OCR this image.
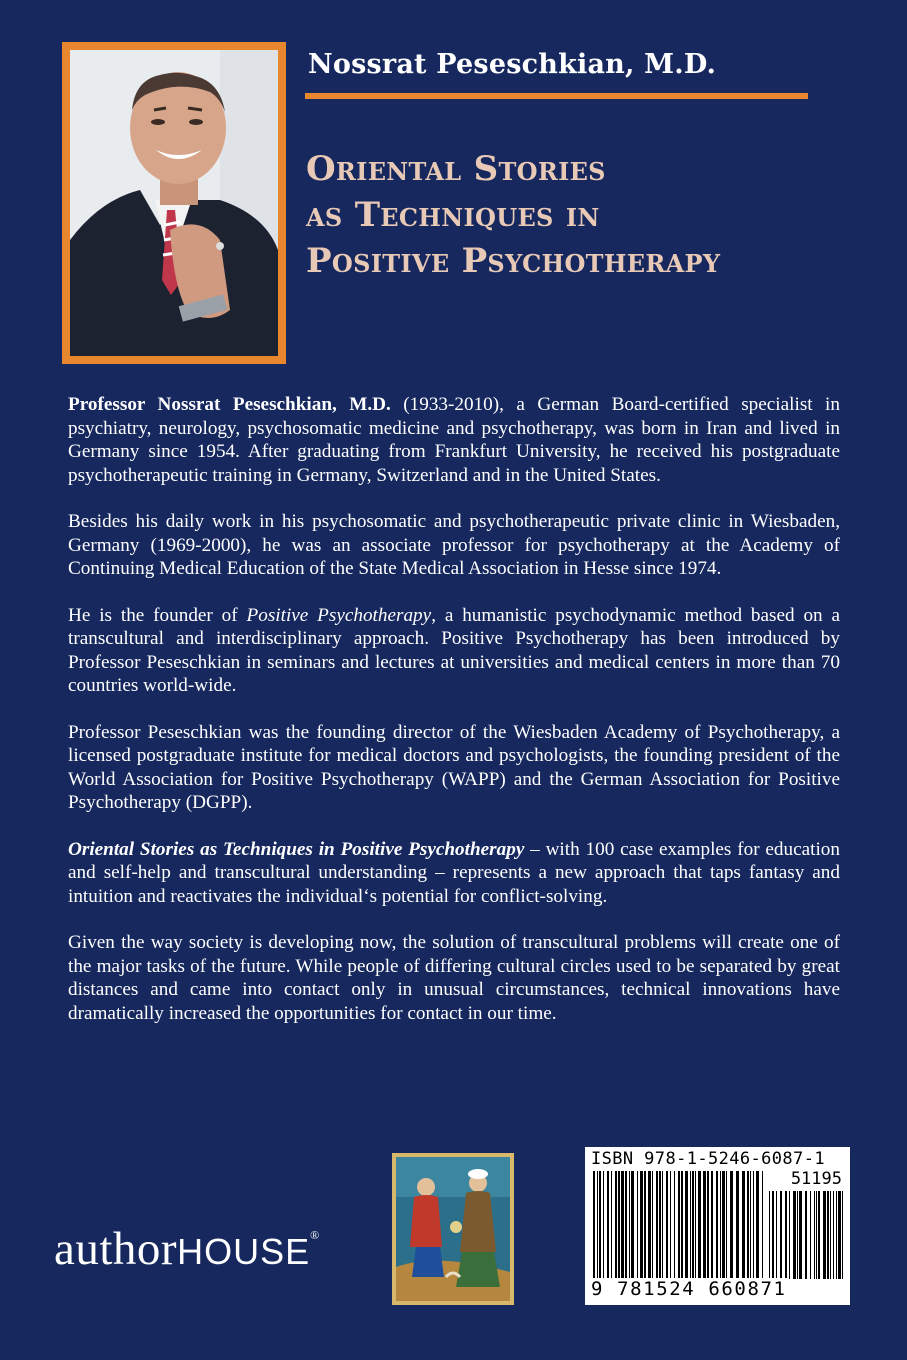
Nossrat Peseschkian, M.D.
Oriental Stories
as Techniques in
Positive Psychotherapy

Professor Nossrat Peseschkian, M.D. (1933-2010), a German Board-certified specialist in psychiatry, neurology, psychosomatic medicine and psychotherapy, was born in Iran and lived in Germany since 1954. After graduating from Frankfurt University, he received his postgraduate psychotherapeutic training in Germany, Switzerland and in the United States.

Besides his daily work in his psychosomatic and psychotherapeutic private clinic in Wiesbaden, Germany (1969-2000), he was an associate professor for psychotherapy at the Academy of Continuing Medical Education of the State Medical Association in Hesse since 1974.

He is the founder of Positive Psychotherapy, a humanistic psychodynamic method based on a transcultural and interdisciplinary approach. Positive Psychotherapy has been introduced by Professor Peseschkian in seminars and lectures at universities and medical centers in more than 70 countries world-wide.

Professor Peseschkian was the founding director of the Wiesbaden Academy of Psychotherapy, a licensed postgraduate institute for medical doctors and psychologists, the founding president of the World Association for Positive Psychotherapy (WAPP) and the German Association for Positive Psychotherapy (DGPP).

Oriental Stories as Techniques in Positive Psychotherapy – with 100 case examples for education and self-help and transcultural understanding – represents a new approach that taps fantasy and intuition and reactivates the individual‘s potential for conflict-solving.

Given the way society is developing now, the solution of transcultural problems will create one of the major tasks of the future. While people of differing cultural circles used to be separated by great distances and came into contact only in unusual circumstances, technical innovations have dramatically increased the opportunities for contact in our time.

authorHOUSE®
ISBN 978-1-5246-6087-1
51195
9 781524 660871
